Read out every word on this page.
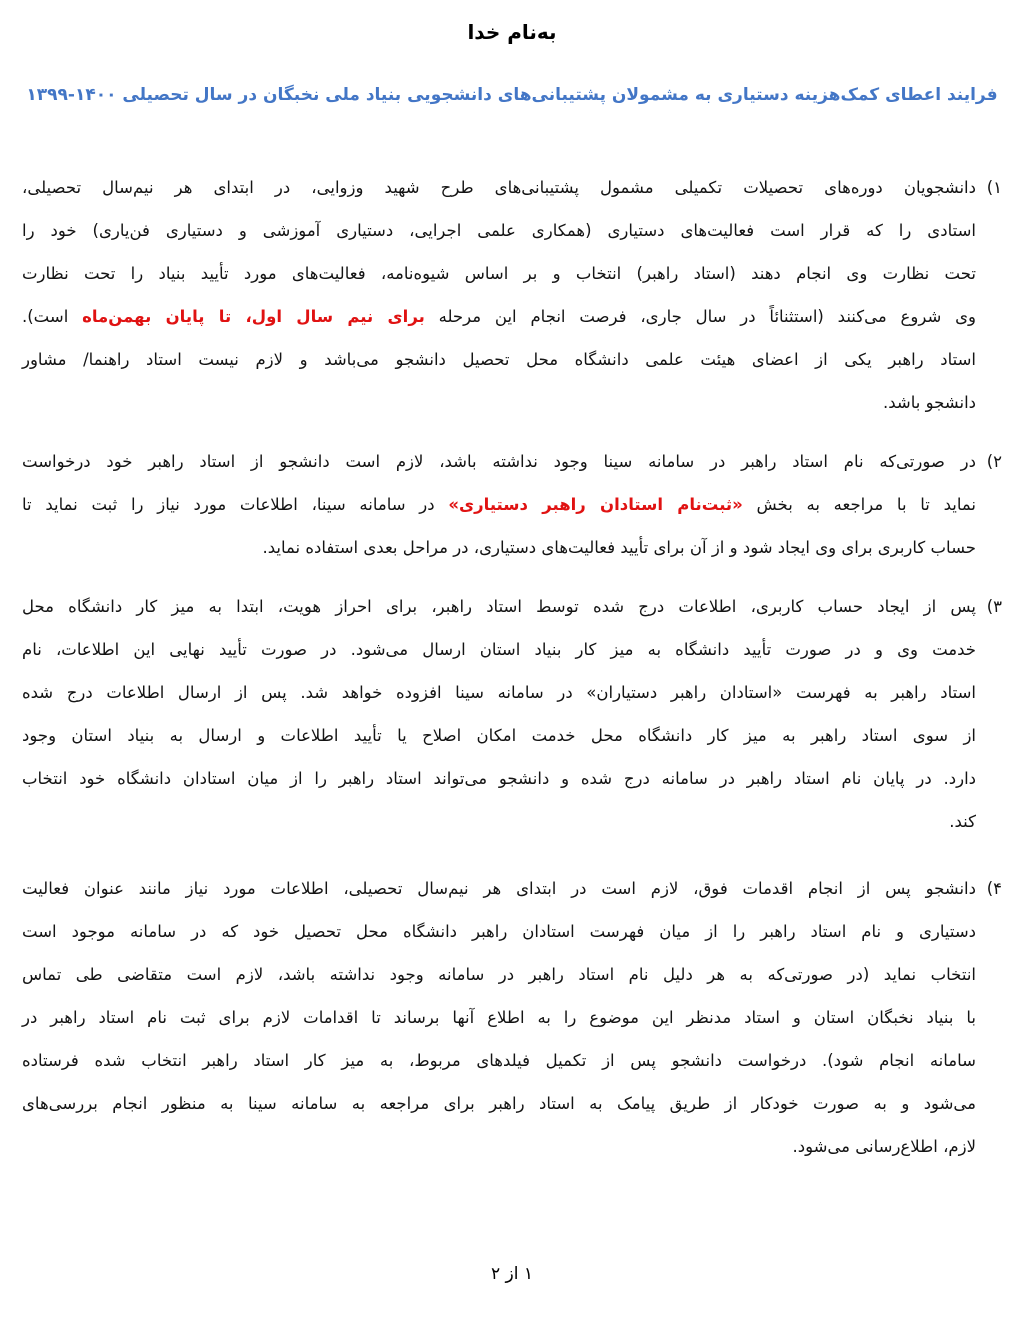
به‌نام خدا
فرایند اعطای کمک‌هزینه دستیاری به مشمولان پشتیبانی‌های دانشجویی بنیاد ملی نخبگان در سال تحصیلی ۱۴۰۰-۱۳۹۹
۱)
دانشجویان دوره‌های تحصیلات تکمیلی مشمول پشتیبانی‌های طرح شهید وزوایی، در ابتدای هر نیم‌سال تحصیلی،
استادی را که قرار است فعالیت‌های دستیاری (همکاری علمی اجرایی، دستیاری آموزشی و دستیاری فن‌یاری) خود را
تحت نظارت وی انجام دهند (استاد راهبر) انتخاب و بر اساس شیوه‌نامه، فعالیت‌های مورد تأیید بنیاد را تحت نظارت
وی شروع می‌کنند (استثنائاً در سال جاری، فرصت انجام این مرحله برای نیم سال اول، تا پایان بهمن‌ماه است).
استاد راهبر یکی از اعضای هیئت علمی دانشگاه محل تحصیل دانشجو می‌باشد و لازم نیست استاد راهنما/ مشاور
دانشجو باشد.
۲)
در صورتی‌که نام استاد راهبر در سامانه سینا وجود نداشته باشد، لازم است دانشجو از استاد راهبر خود درخواست
نماید تا با مراجعه به بخش «ثبت‌نام استادان راهبر دستیاری» در سامانه سینا، اطلاعات مورد نیاز را ثبت نماید تا
حساب کاربری برای وی ایجاد شود و از آن برای تأیید فعالیت‌های دستیاری، در مراحل بعدی استفاده نماید.
۳)
پس از ایجاد حساب کاربری، اطلاعات درج شده توسط استاد راهبر، برای احراز هویت، ابتدا به میز کار دانشگاه محل
خدمت وی و در صورت تأیید دانشگاه به میز کار بنیاد استان ارسال می‌شود. در صورت تأیید نهایی این اطلاعات، نام
استاد راهبر به فهرست «استادان راهبر دستیاران» در سامانه سینا افزوده خواهد شد. پس از ارسال اطلاعات درج شده
از سوی استاد راهبر به میز کار دانشگاه محل خدمت امکان اصلاح یا تأیید اطلاعات و ارسال به بنیاد استان وجود
دارد. در پایان نام استاد راهبر در سامانه درج شده و دانشجو می‌تواند استاد راهبر را از میان استادان دانشگاه خود انتخاب
کند.
۴)
دانشجو پس از انجام اقدمات فوق، لازم است در ابتدای هر نیم‌سال تحصیلی، اطلاعات مورد نیاز مانند عنوان فعالیت
دستیاری و نام استاد راهبر را از میان فهرست استادان راهبر دانشگاه محل تحصیل خود که در سامانه موجود است
انتخاب نماید (در صورتی‌که به هر دلیل نام استاد راهبر در سامانه وجود نداشته باشد، لازم است متقاضی طی تماس
با بنیاد نخبگان استان و استاد مدنظر این موضوع را به اطلاع آنها برساند تا اقدامات لازم برای ثبت نام استاد راهبر در
سامانه انجام شود). درخواست دانشجو پس از تکمیل فیلدهای مربوط، به میز کار استاد راهبر انتخاب شده فرستاده
می‌شود و به صورت خودکار از طریق پیامک به استاد راهبر برای مراجعه به سامانه سینا به منظور انجام بررسی‌های
لازم، اطلاع‌رسانی می‌شود.
۱ از ۲
